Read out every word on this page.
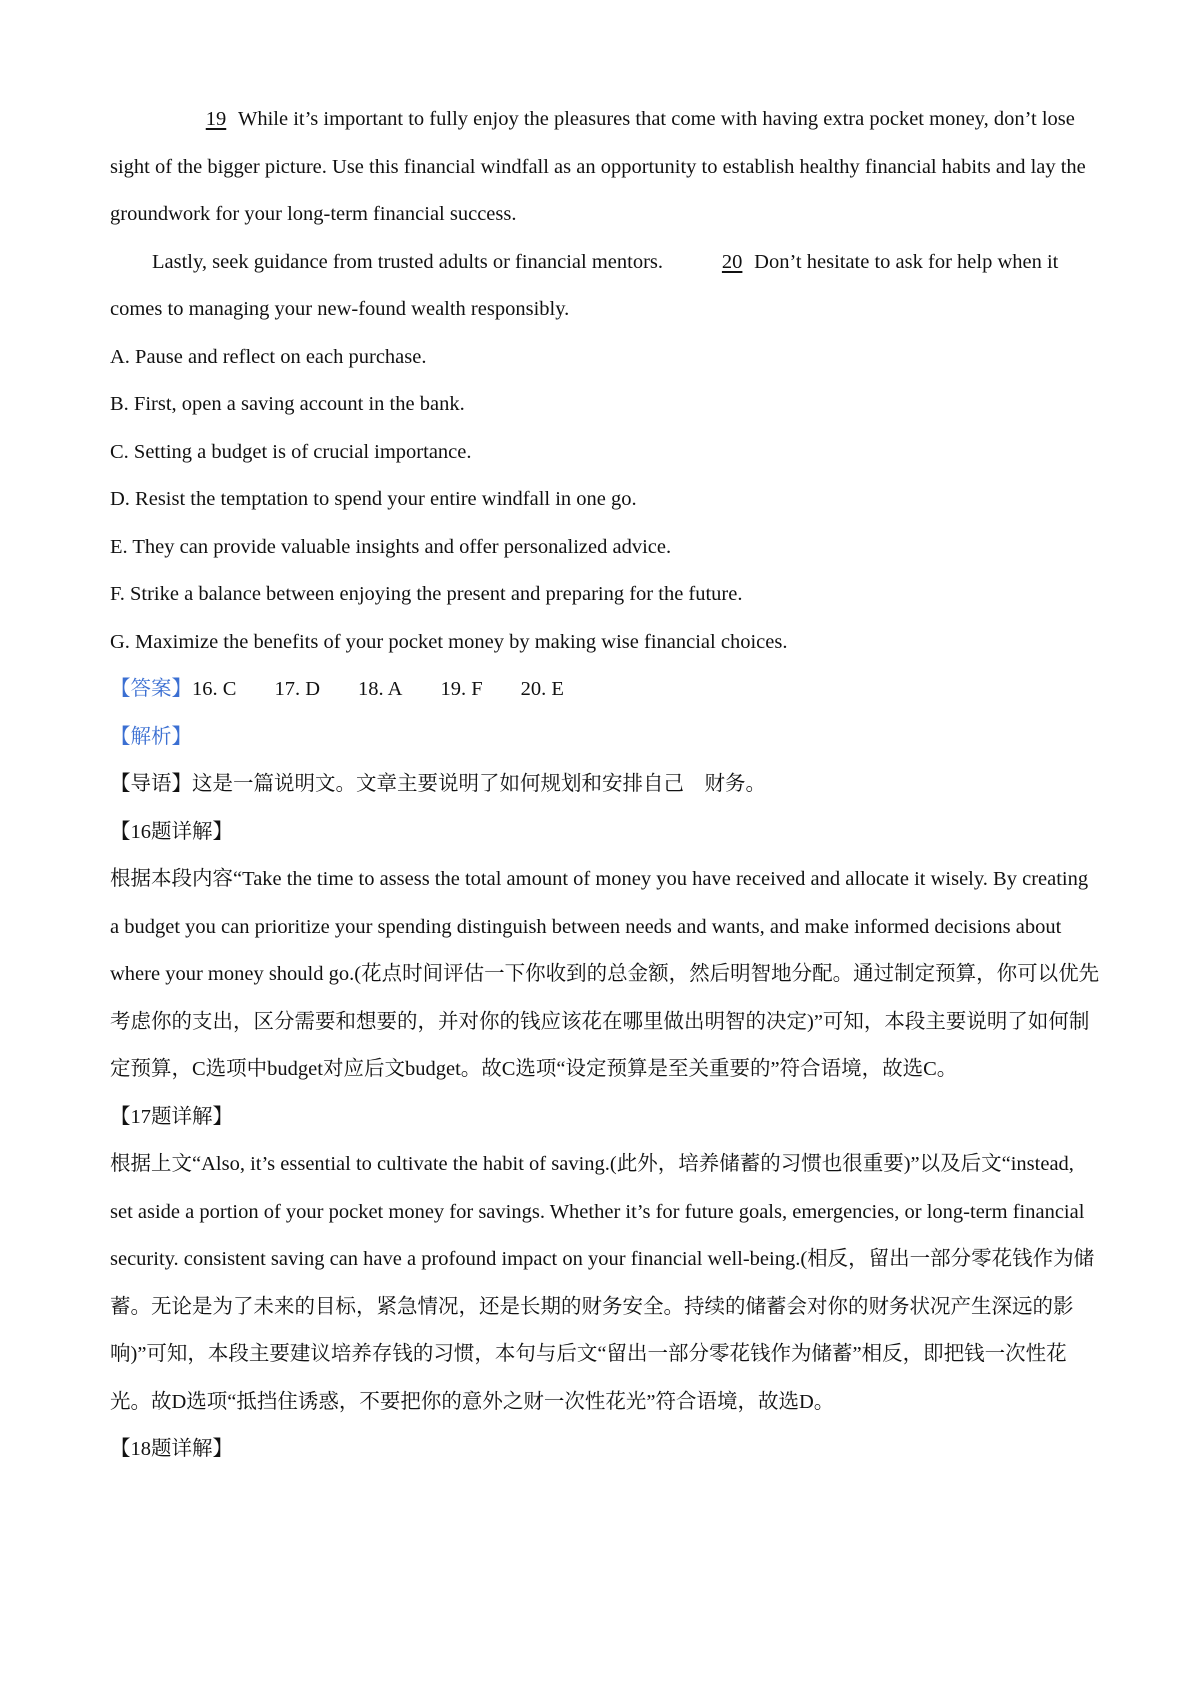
19 While it’s important to fully enjoy the pleasures that come with having extra pocket money, don’t lose sight of the bigger picture. Use this financial windfall as an opportunity to establish healthy financial habits and lay the groundwork for your long-term financial success.

Lastly, seek guidance from trusted adults or financial mentors.	20 Don’t hesitate to ask for help when it comes to managing your new-found wealth responsibly.

A. Pause and reflect on each purchase.

B. First, open a saving account in the bank.

C. Setting a budget is of crucial importance.

D. Resist the temptation to spend your entire windfall in one go.

E. They can provide valuable insights and offer personalized advice.

F. Strike a balance between enjoying the present and preparing for the future.

G. Maximize the benefits of your pocket money by making wise financial choices.

【答案】16. C 17. D 18. A 19. F 20. E

【解析】

【导语】这是一篇说明文。文章主要说明了如何规划和安排自己　财务。

【16题详解】

根据本段内容“Take the time to assess the total amount of money you have received and allocate it wisely. By creating a budget you can prioritize your spending distinguish between needs and wants, and make informed decisions about where your money should go.(花点时间评估一下你收到的总金额，然后明智地分配。通过制定预算，你可以优先考虑你的支出，区分需要和想要的，并对你的钱应该花在哪里做出明智的决定)”可知，本段主要说明了如何制定预算，C选项中budget对应后文budget。故C选项“设定预算是至关重要的”符合语境，故选C。

【17题详解】

根据上文“Also, it’s essential to cultivate the habit of saving.(此外，培养储蓄的习惯也很重要)”以及后文“instead, set aside a portion of your pocket money for savings. Whether it’s for future goals, emergencies, or long-term financial security. consistent saving can have a profound impact on your financial well-being.(相反，留出一部分零花钱作为储蓄。无论是为了未来的目标，紧急情况，还是长期的财务安全。持续的储蓄会对你的财务状况产生深远的影响)”可知，本段主要建议培养存钱的习惯，本句与后文“留出一部分零花钱作为储蓄”相反，即把钱一次性花光。故D选项“抵挡住诱惑，不要把你的意外之财一次性花光”符合语境，故选D。

【18题详解】
